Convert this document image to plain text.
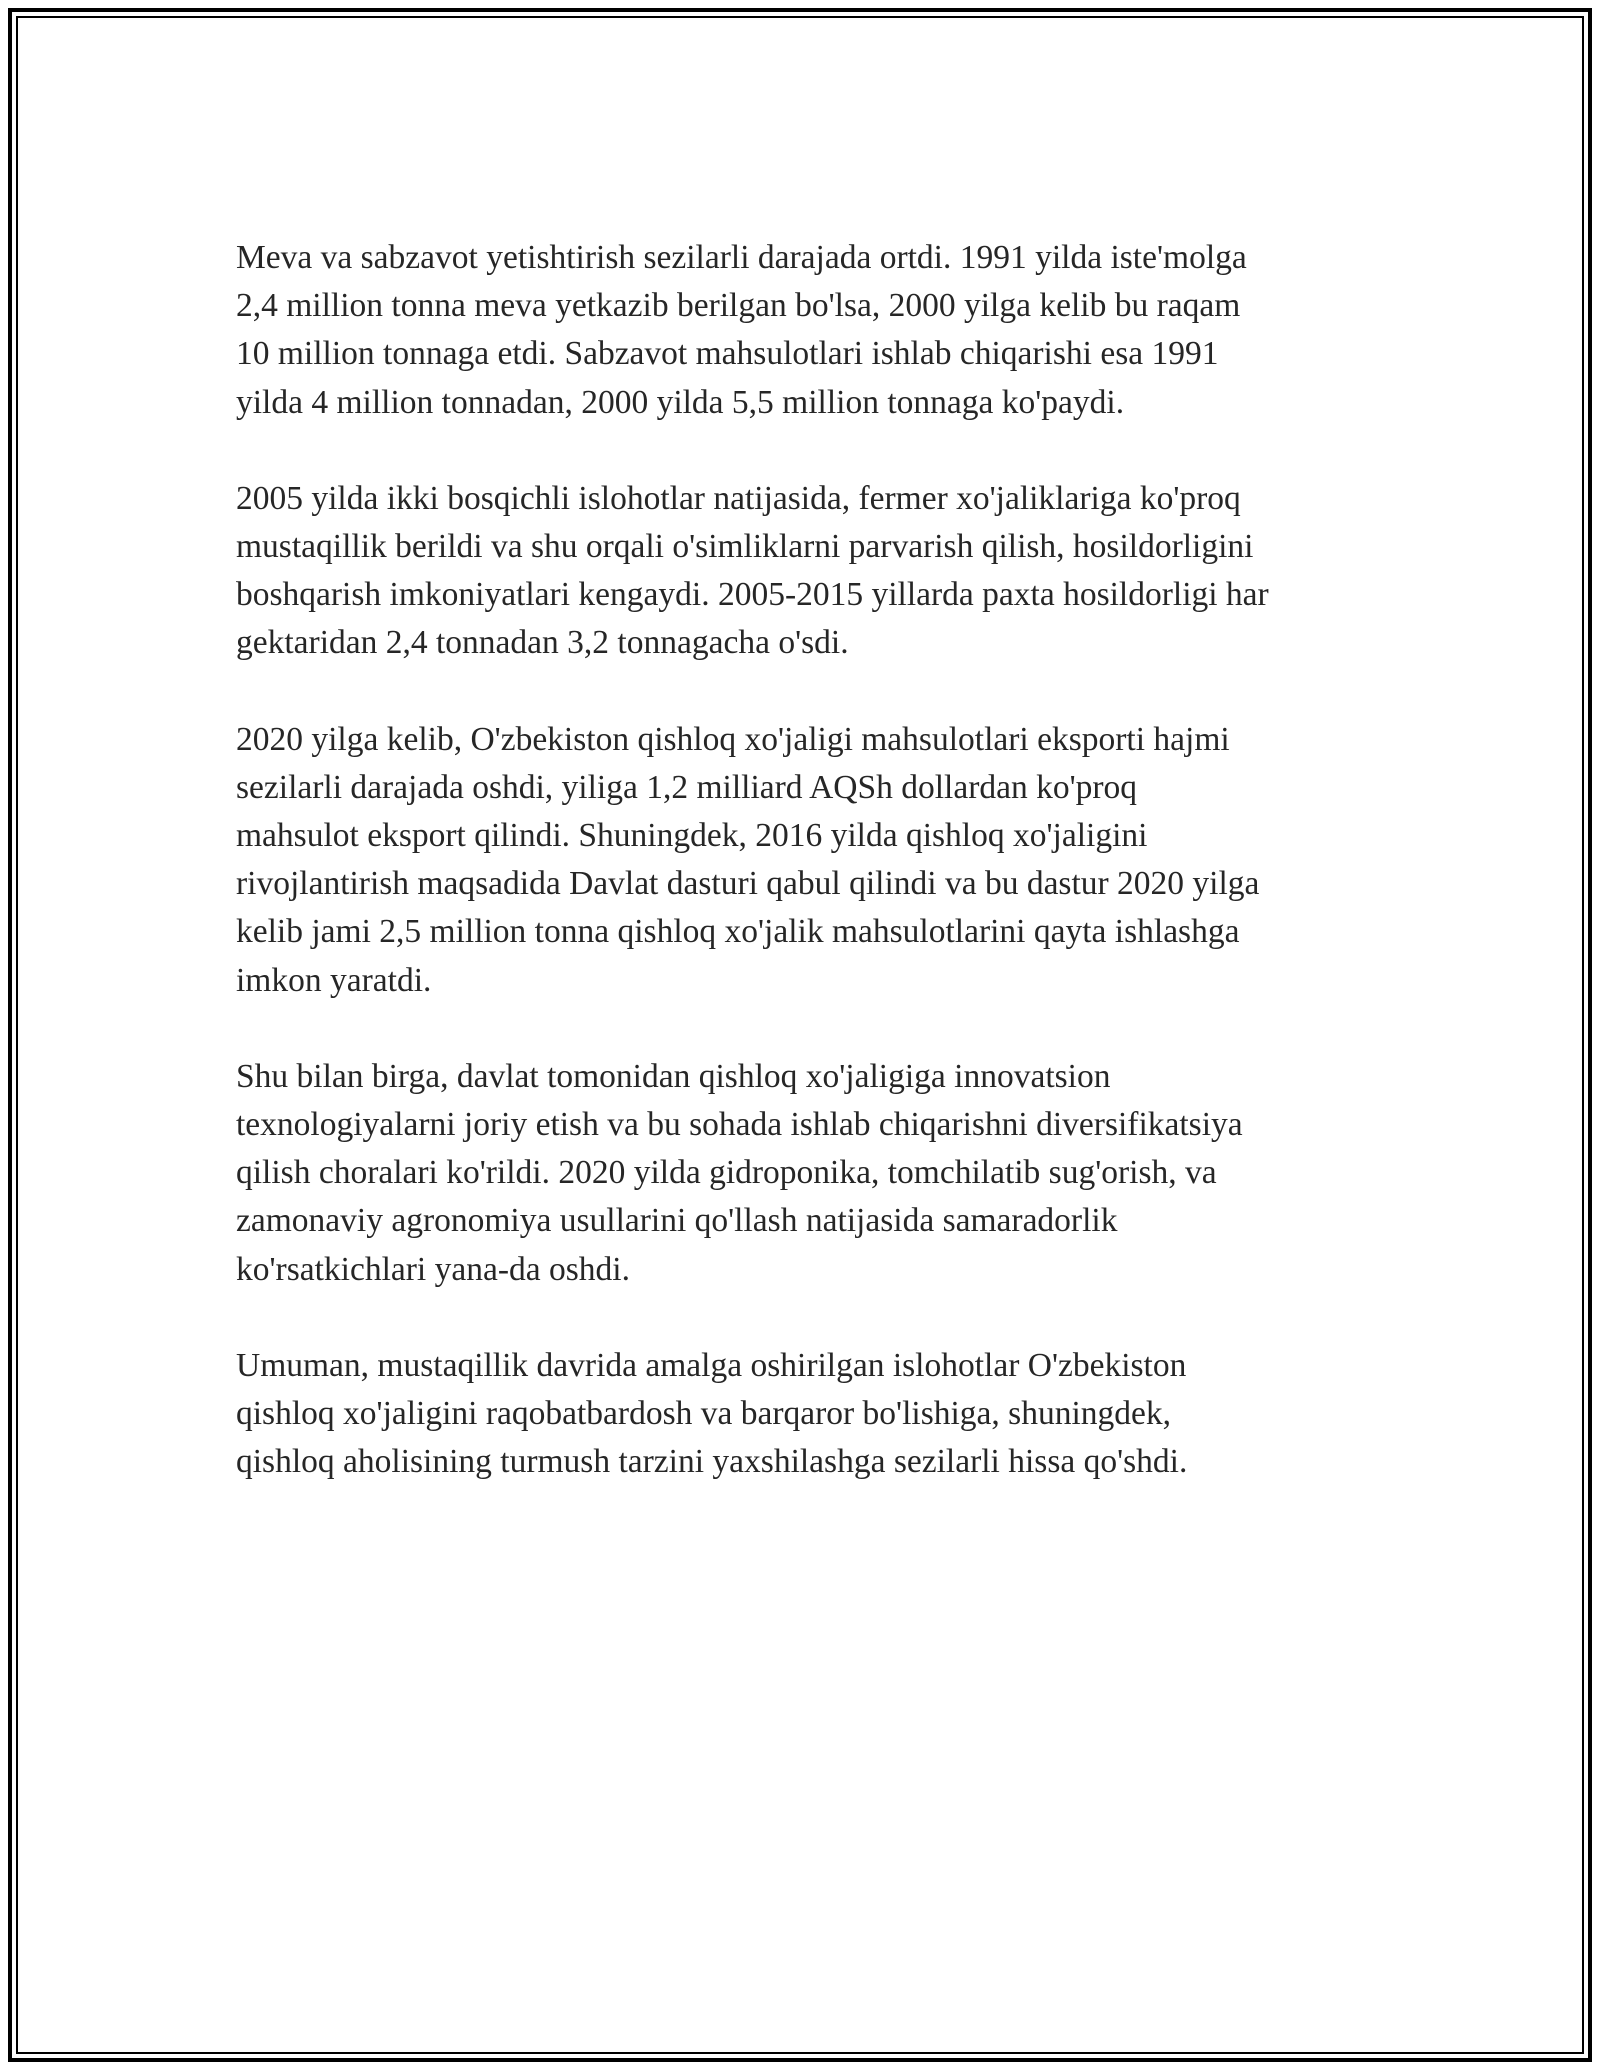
Meva va sabzavot yetishtirish sezilarli darajada ortdi. 1991 yilda iste'molga
2,4 million tonna meva yetkazib berilgan bo'lsa, 2000 yilga kelib bu raqam
10 million tonnaga etdi. Sabzavot mahsulotlari ishlab chiqarishi esa 1991
yilda 4 million tonnadan, 2000 yilda 5,5 million tonnaga ko'paydi.

2005 yilda ikki bosqichli islohotlar natijasida, fermer xo'jaliklariga ko'proq
mustaqillik berildi va shu orqali o'simliklarni parvarish qilish, hosildorligini
boshqarish imkoniyatlari kengaydi. 2005-2015 yillarda paxta hosildorligi har
gektaridan 2,4 tonnadan 3,2 tonnagacha o'sdi.

2020 yilga kelib, O'zbekiston qishloq xo'jaligi mahsulotlari eksporti hajmi
sezilarli darajada oshdi, yiliga 1,2 milliard AQSh dollardan ko'proq
mahsulot eksport qilindi. Shuningdek, 2016 yilda qishloq xo'jaligini
rivojlantirish maqsadida Davlat dasturi qabul qilindi va bu dastur 2020 yilga
kelib jami 2,5 million tonna qishloq xo'jalik mahsulotlarini qayta ishlashga
imkon yaratdi.

Shu bilan birga, davlat tomonidan qishloq xo'jaligiga innovatsion
texnologiyalarni joriy etish va bu sohada ishlab chiqarishni diversifikatsiya
qilish choralari ko'rildi. 2020 yilda gidroponika, tomchilatib sug'orish, va
zamonaviy agronomiya usullarini qo'llash natijasida samaradorlik
ko'rsatkichlari yana-da oshdi.

Umuman, mustaqillik davrida amalga oshirilgan islohotlar O'zbekiston
qishloq xo'jaligini raqobatbardosh va barqaror bo'lishiga, shuningdek,
qishloq aholisining turmush tarzini yaxshilashga sezilarli hissa qo'shdi.
